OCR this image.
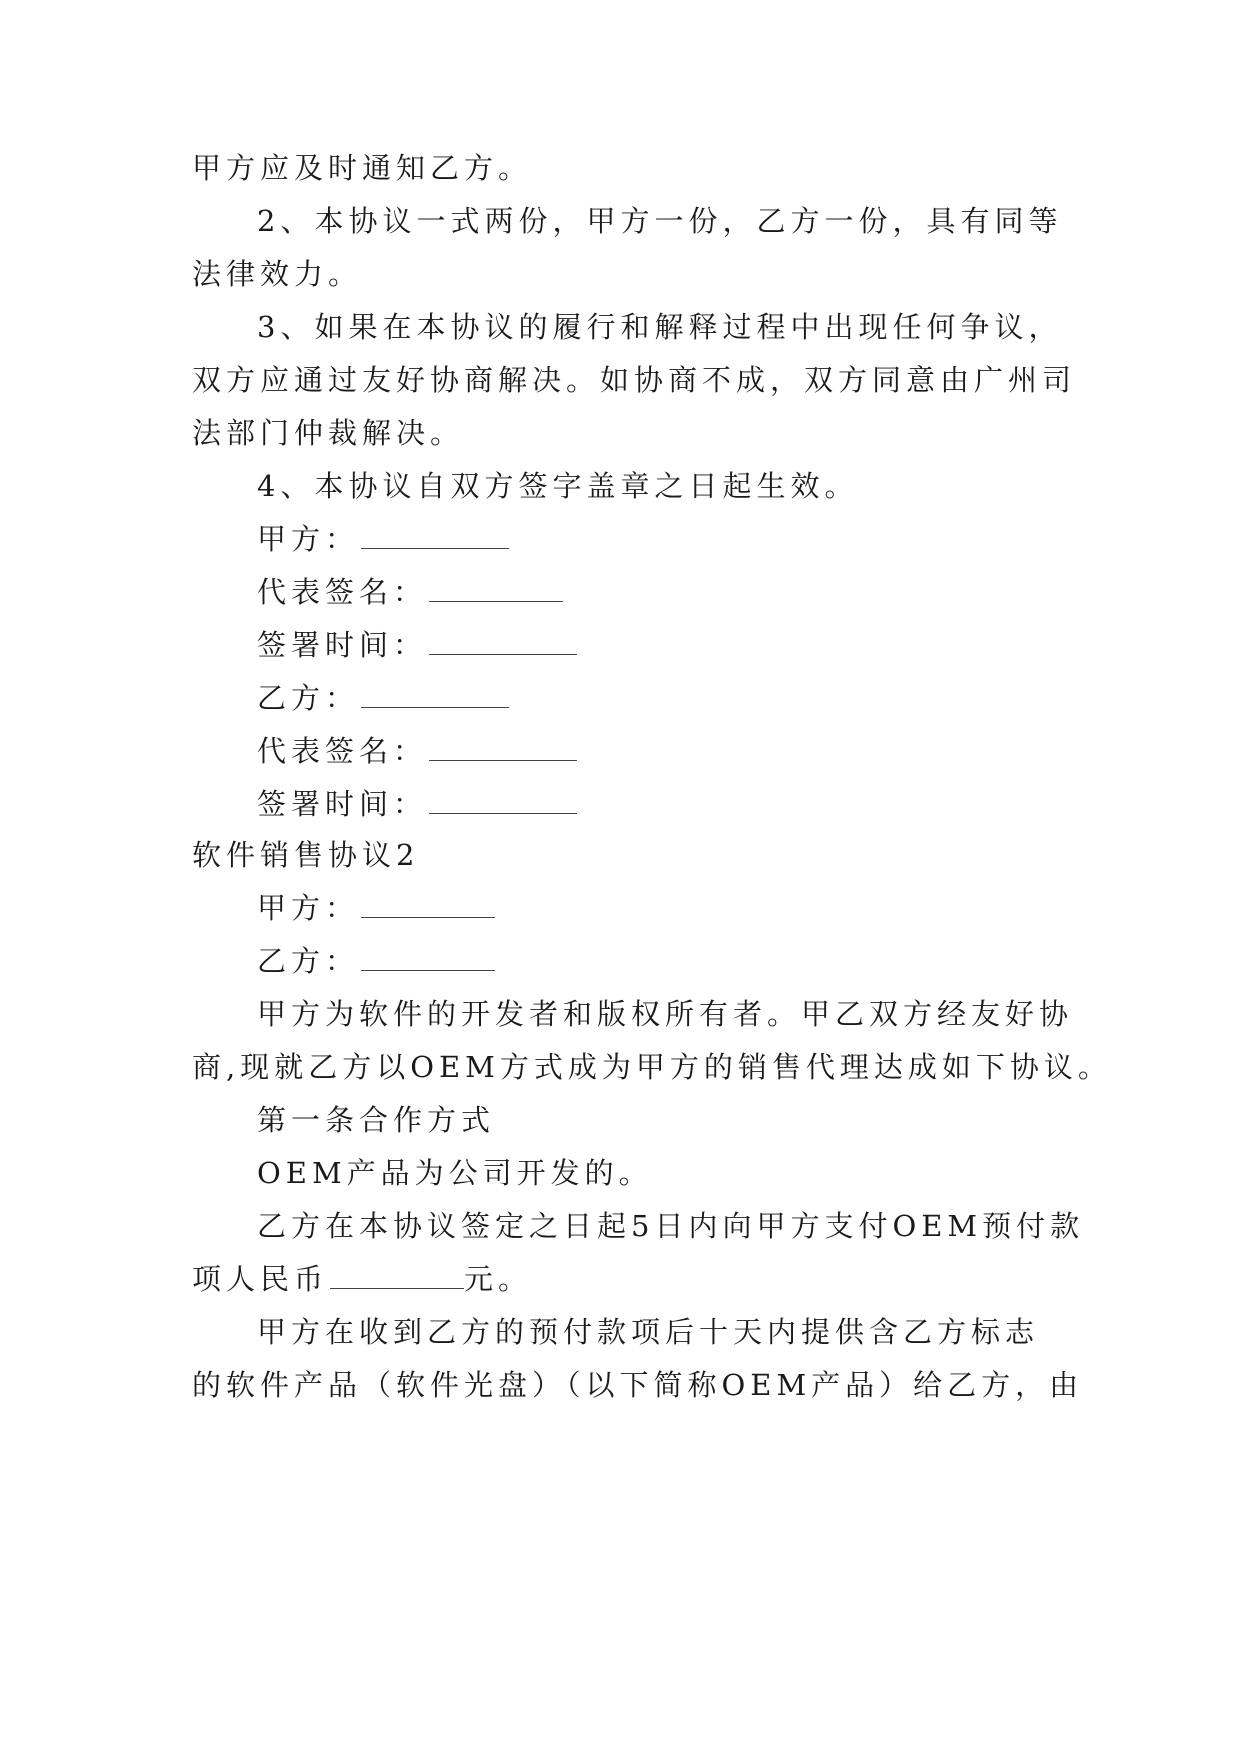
甲方应及时通知乙方。
2、本协议一式两份，甲方一份，乙方一份，具有同等
法律效力。
3、如果在本协议的履行和解释过程中出现任何争议，
双方应通过友好协商解决。如协商不成，双方同意由广州司
法部门仲裁解决。
4、本协议自双方签字盖章之日起生效。
甲方：
代表签名：
签署时间：
乙方：
代表签名：
签署时间：
软件销售协议2
甲方：
乙方：
甲方为软件的开发者和版权所有者。甲乙双方经友好协
商,现就乙方以OEM方式成为甲方的销售代理达成如下协议。
第一条合作方式
OEM产品为公司开发的。
乙方在本协议签定之日起5日内向甲方支付OEM预付款
项人民币	元。
甲方在收到乙方的预付款项后十天内提供含乙方标志
的软件产品（软件光盘）（以下简称OEM产品）给乙方，由
